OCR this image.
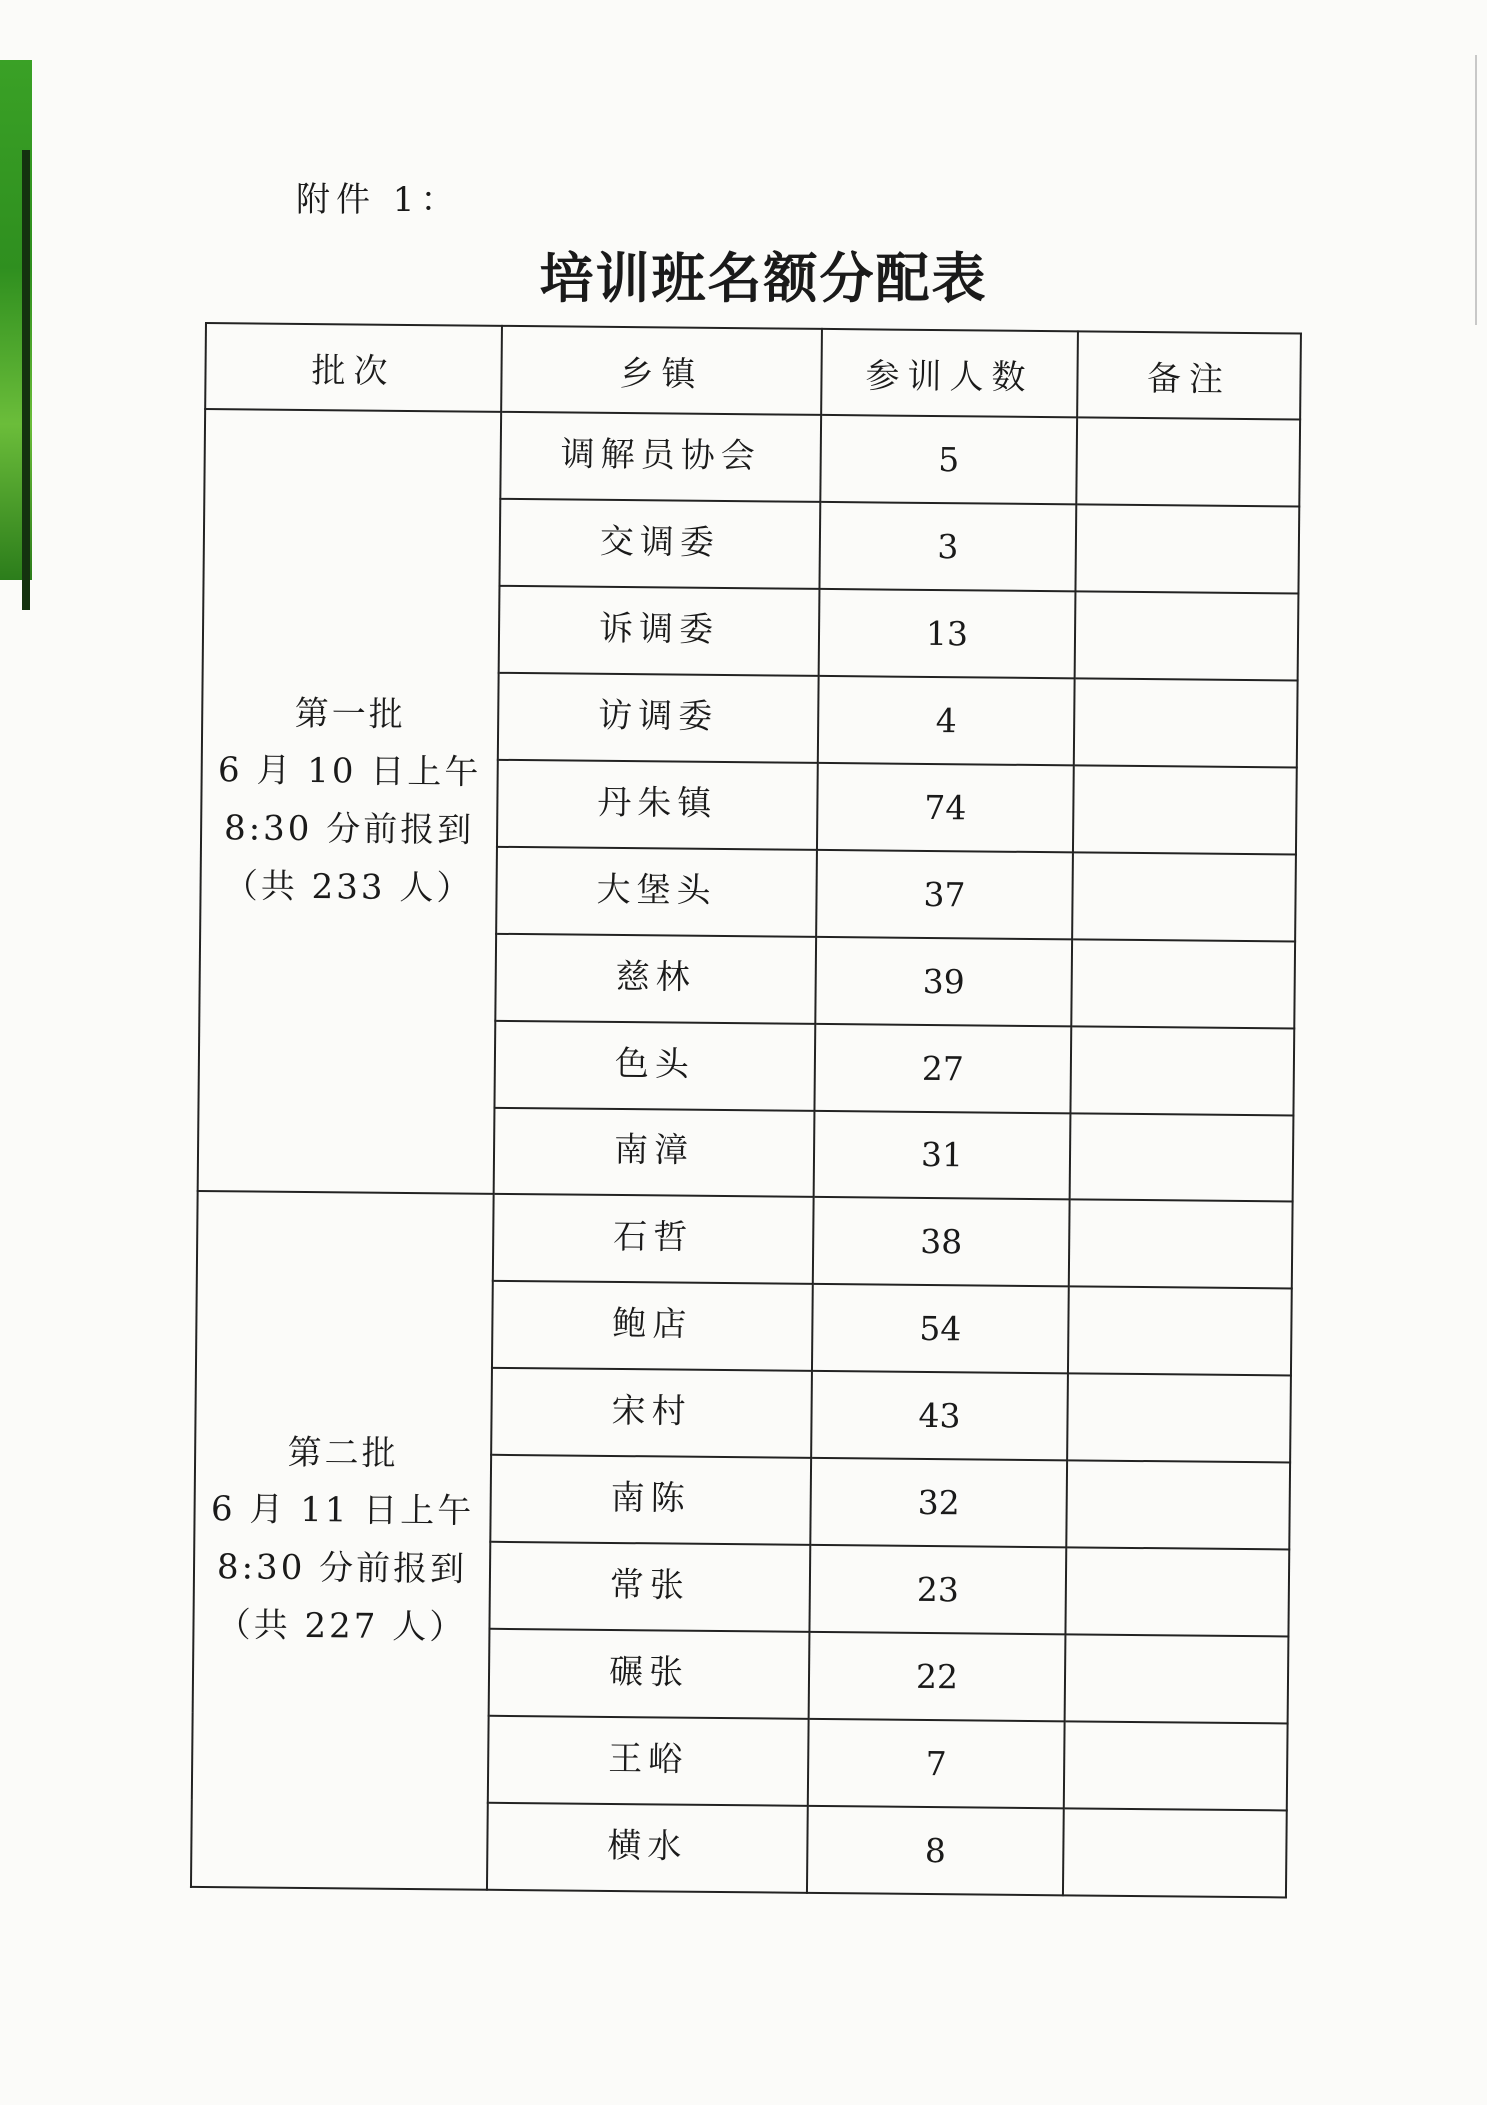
附件 1：
培训班名额分配表
批次	乡镇	参训人数	备注

第一批
6 月 10 日上午
8:30 分前报到
（共 233 人）	调解员协会	5	
	交调委	3	
	诉调委	13	
	访调委	4	
	丹朱镇	74	
	大堡头	37	
	慈林	39	
	色头	27	
	南漳	31	

第二批
6 月 11 日上午
8:30 分前报到
（共 227 人）	石哲	38	
	鲍店	54	
	宋村	43	
	南陈	32	
	常张	23	
	碾张	22	
	王峪	7	
	横水	8	
